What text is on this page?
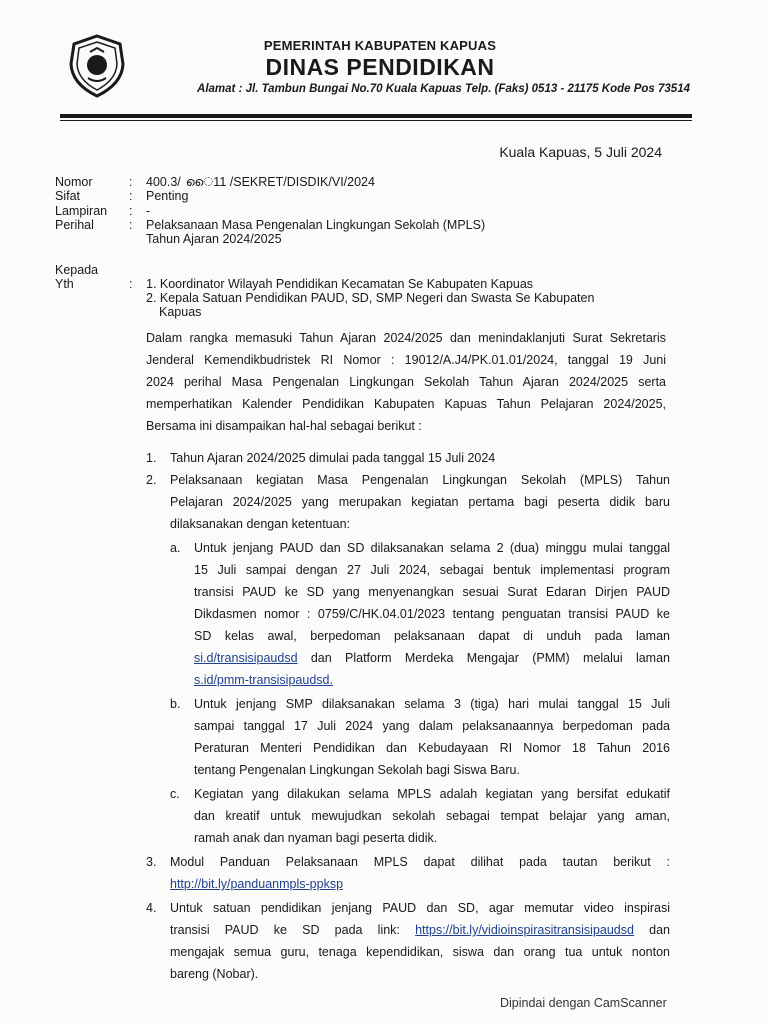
PEMERINTAH KABUPATEN KAPUAS
DINAS PENDIDIKAN
Alamat : Jl. Tambun Bungai No.70 Kuala Kapuas Telp. (Faks) 0513 - 21175 Kode Pos 73514
Kuala Kapuas, 5 Juli 2024
Nomor	: 400.3/ ൈ11 /SEKRET/DISDIK/VI/2024
Sifat	: Penting
Lampiran	: -
Perihal	: Pelaksanaan Masa Pengenalan Lingkungan Sekolah (MPLS)
Tahun Ajaran 2024/2025
Kepada
Yth	: 1. Koordinator Wilayah Pendidikan Kecamatan Se Kabupaten Kapuas
2. Kepala Satuan Pendidikan PAUD, SD, SMP Negeri dan Swasta Se Kabupaten
Kapuas
Dalam rangka memasuki Tahun Ajaran 2024/2025 dan menindaklanjuti Surat Sekretaris
Jenderal Kemendikbudristek RI Nomor : 19012/A.J4/PK.01.01/2024, tanggal 19 Juni
2024 perihal Masa Pengenalan Lingkungan Sekolah Tahun Ajaran 2024/2025 serta
memperhatikan Kalender Pendidikan Kabupaten Kapuas Tahun Pelajaran 2024/2025,
Bersama ini disampaikan hal-hal sebagai berikut :
1. Tahun Ajaran 2024/2025 dimulai pada tanggal 15 Juli 2024
2. Pelaksanaan kegiatan Masa Pengenalan Lingkungan Sekolah (MPLS) Tahun
Pelajaran 2024/2025 yang merupakan kegiatan pertama bagi peserta didik baru
dilaksanakan dengan ketentuan:
a. Untuk jenjang PAUD dan SD dilaksanakan selama 2 (dua) minggu mulai tanggal
15 Juli sampai dengan 27 Juli 2024, sebagai bentuk implementasi program
transisi PAUD ke SD yang menyenangkan sesuai Surat Edaran Dirjen PAUD
Dikdasmen nomor : 0759/C/HK.04.01/2023 tentang penguatan transisi PAUD ke
SD kelas awal, berpedoman pelaksanaan dapat di unduh pada laman
si.d/transisipaudsd dan Platform Merdeka Mengajar (PMM) melalui laman
s.id/pmm-transisipaudsd.
b. Untuk jenjang SMP dilaksanakan selama 3 (tiga) hari mulai tanggal 15 Juli
sampai tanggal 17 Juli 2024 yang dalam pelaksanaannya berpedoman pada
Peraturan Menteri Pendidikan dan Kebudayaan RI Nomor 18 Tahun 2016
tentang Pengenalan Lingkungan Sekolah bagi Siswa Baru.
c. Kegiatan yang dilakukan selama MPLS adalah kegiatan yang bersifat edukatif
dan kreatif untuk mewujudkan sekolah sebagai tempat belajar yang aman,
ramah anak dan nyaman bagi peserta didik.
3. Modul Panduan Pelaksanaan MPLS dapat dilihat pada tautan berikut :
http://bit.ly/panduanmpls-ppksp
4. Untuk satuan pendidikan jenjang PAUD dan SD, agar memutar video inspirasi
transisi PAUD ke SD pada link: https://bit.ly/vidioinspirasitransisipaudsd dan
mengajak semua guru, tenaga kependidikan, siswa dan orang tua untuk nonton
bareng (Nobar).
Dipindai dengan CamScanner
